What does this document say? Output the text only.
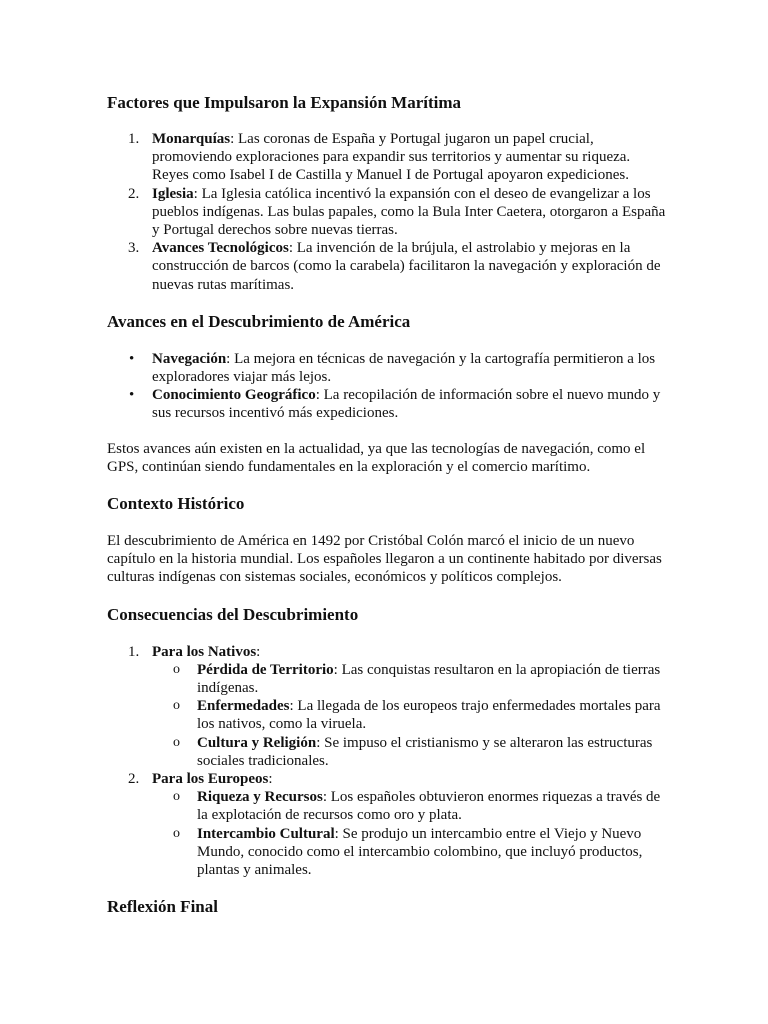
Factores que Impulsaron la Expansión Marítima
1. Monarquías: Las coronas de España y Portugal jugaron un papel crucial, promoviendo exploraciones para expandir sus territorios y aumentar su riqueza. Reyes como Isabel I de Castilla y Manuel I de Portugal apoyaron expediciones.
2. Iglesia: La Iglesia católica incentivó la expansión con el deseo de evangelizar a los pueblos indígenas. Las bulas papales, como la Bula Inter Caetera, otorgaron a España y Portugal derechos sobre nuevas tierras.
3. Avances Tecnológicos: La invención de la brújula, el astrolabio y mejoras en la construcción de barcos (como la carabela) facilitaron la navegación y exploración de nuevas rutas marítimas.
Avances en el Descubrimiento de América
• Navegación: La mejora en técnicas de navegación y la cartografía permitieron a los exploradores viajar más lejos.
• Conocimiento Geográfico: La recopilación de información sobre el nuevo mundo y sus recursos incentivó más expediciones.

Estos avances aún existen en la actualidad, ya que las tecnologías de navegación, como el GPS, continúan siendo fundamentales en la exploración y el comercio marítimo.

Contexto Histórico

El descubrimiento de América en 1492 por Cristóbal Colón marcó el inicio de un nuevo capítulo en la historia mundial. Los españoles llegaron a un continente habitado por diversas culturas indígenas con sistemas sociales, económicos y políticos complejos.

Consecuencias del Descubrimiento
1. Para los Nativos:
o Pérdida de Territorio: Las conquistas resultaron en la apropiación de tierras indígenas.
o Enfermedades: La llegada de los europeos trajo enfermedades mortales para los nativos, como la viruela.
o Cultura y Religión: Se impuso el cristianismo y se alteraron las estructuras sociales tradicionales.
2. Para los Europeos:
o Riqueza y Recursos: Los españoles obtuvieron enormes riquezas a través de la explotación de recursos como oro y plata.
o Intercambio Cultural: Se produjo un intercambio entre el Viejo y Nuevo Mundo, conocido como el intercambio colombino, que incluyó productos, plantas y animales.
Reflexión Final
